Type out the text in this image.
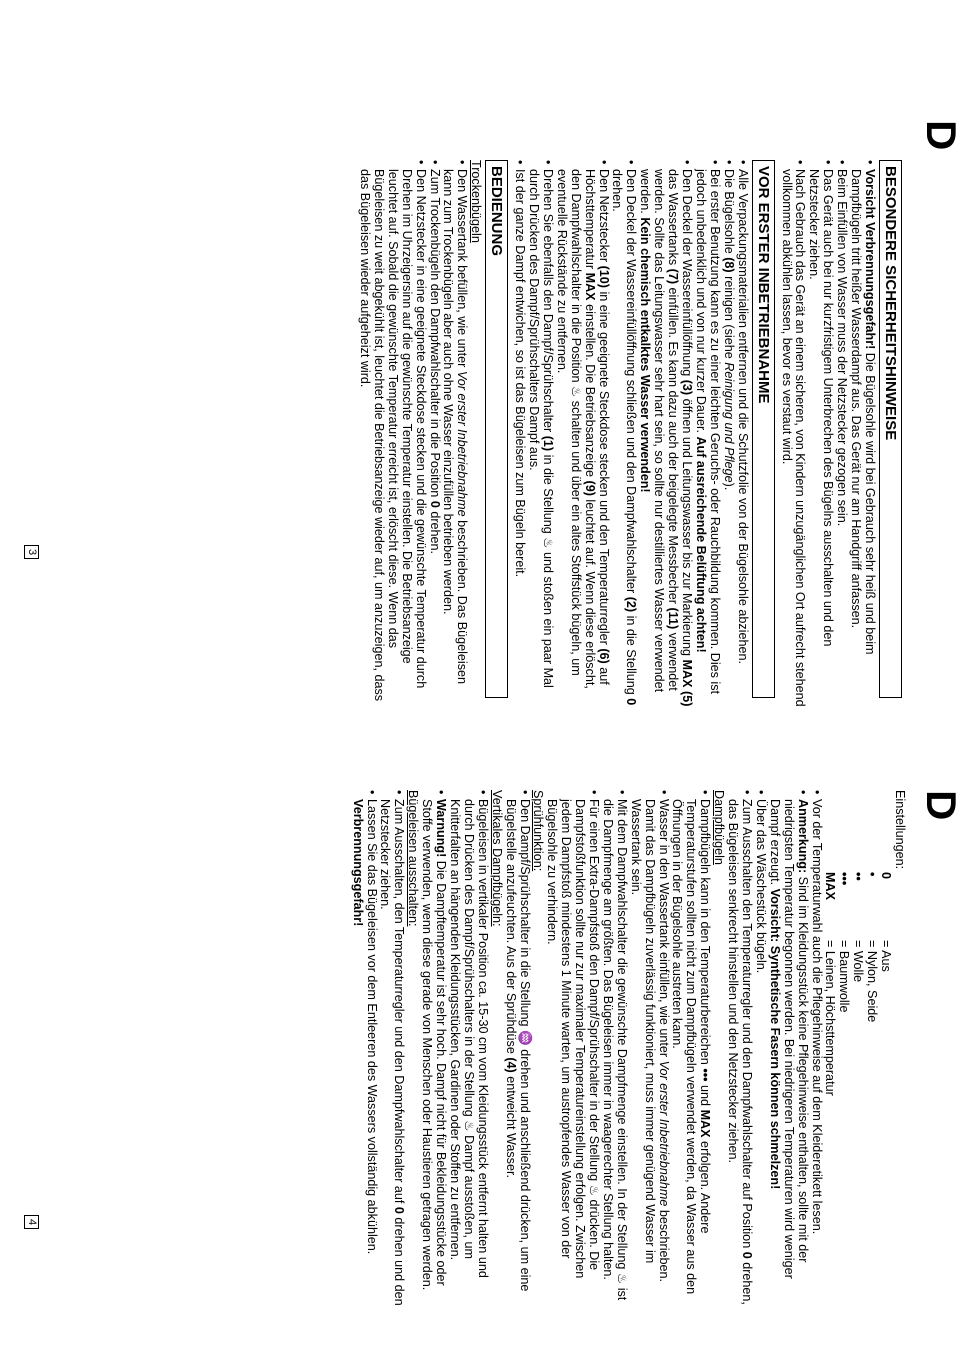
D
BESONDERE SICHERHEITSHINWEISE
• Vorsicht Verbrennungsgefahr! Die Bügelsohle wird bei Gebrauch sehr heiß und beim Dampfbügeln tritt heißer Wasserdampf aus. Das Gerät nur am Handgriff anfassen.
• Beim Einfüllen von Wasser muss der Netzstecker gezogen sein.
• Das Gerät auch bei nur kurzfristigem Unterbrechen des Bügelns ausschalten und den Netzstecker ziehen.
• Nach Gebrauch das Gerät an einem sicheren, von Kindern unzugänglichen Ort aufrecht stehend vollkommen abkühlen lassen, bevor es verstaut wird.
VOR ERSTER INBETRIEBNAHME
• Alle Verpackungsmaterialien entfernen und die Schutzfolie von der Bügelsohle abziehen.
• Die Bügelsohle (8) reinigen (siehe Reinigung und Pflege).
• Bei erster Benutzung kann es zu einer leichten Geruchs- oder Rauchbildung kommen. Dies ist jedoch unbedenklich und von nur kurzer Dauer. Auf ausreichende Belüftung achten!
• Den Deckel der Wassereinfüllöffnung (3) öffnen und Leitungswasser bis zur Markierung MAX (5) das Wassertanks (7) einfüllen. Es kann dazu auch der beigelegte Messbecher (11) verwendet werden. Sollte das Leitungswasser sehr hart sein, so sollte nur destilliertes Wasser verwendet werden. Kein chemisch entkalktes Wasser verwenden!
• Den Deckel der Wassereinfüllöffnung schließen und den Dampfwahlschalter (2) in die Stellung 0 drehen.
• Den Netzstecker (10) in eine geeignete Steckdose stecken und den Temperaturregler (6) auf Höchsttemperatur MAX einstellen. Die Betriebsanzeige (9) leuchtet auf. Wenn diese erlöscht, den Dampfwahlschalter in die Position ♨ schalten und über ein altes Stoffstück bügeln, um eventuelle Rückstände zu entfernen.
• Drehen Sie ebenfalls den Dampf/Sprühschalter (1) in die Stellung ♨ und stoßen ein paar Mal durch Drücken des Dampf/Sprühschalters Dampf aus.
• Ist der ganze Dampf entwichen, so ist das Bügeleisen zum Bügeln bereit.
BEDIENUNG
Trockenbügeln
• Den Wassertank befüllen, wie unter Vor erster Inbetriebnahme beschrieben. Das Bügeleisen kann zum Trockenbügeln aber auch ohne Wasser einzufüllen betrieben werden.
• Zum Trockenbügeln den Dampfwahlschalter in die Position 0 drehen.
• Den Netzstecker in eine geeignete Steckdose stecken und die gewünschte Temperatur durch Drehen im Uhrzeigersinn auf die gewünschte Temperatur einstellen. Die Betriebsanzeige leuchtet auf. Sobald die gewünschte Temperatur erreicht ist, erlöscht diese. Wenn das Bügeleisen zu weit abgekühlt ist, leuchtet die Betriebsanzeige wieder auf, um anzuzeigen, dass das Bügeleisen wieder aufgeheizt wird.
3
D
Einstellungen:
0
= Aus
•
= Nylon, Seide
••
= Wolle
•••
= Baumwolle
MAX
= Leinen, Höchsttemperatur
• Vor der Temperaturwahl auch die Pflegehinweise auf dem Kleideretikett lesen.
• Anmerkung: Sind im Kleidungsstück keine Pflegehinweise enthalten, sollte mit der niedrigsten Temperatur begonnen werden. Bei niedrigeren Temperaturen wird weniger Dampf erzeugt. Vorsicht: Synthetische Fasern können schmelzen!
• Über das Wäschestück bügeln.
• Zum Ausschalten den Temperaturregler und den Dampfwahlschalter auf Position 0 drehen, das Bügeleisen senkrecht hinstellen und den Netzstecker ziehen.
Dampfbügeln
• Dampfbügeln kann in den Temperaturbereichen ••• und MAX erfolgen. Andere Temperaturstufen sollten nicht zum Dampfbügeln verwendet werden, da Wasser aus den Öffnungen in der Bügelsohle austreten kann.
• Wasser in den Wassertank einfüllen, wie unter Vor erster Inbetriebnahme beschrieben. Damit das Dampfbügeln zuverlässig funktioniert, muss immer genügend Wasser im Wassertank sein.
• Mit dem Dampfwahlschalter die gewünschte Dampfmenge einstellen. In der Stellung ♨ ist die Dampfmenge am größten. Das Bügeleisen immer in waagerechter Stellung halten.
• Für einen Extra-Dampfstoß den Dampf/Sprühschalter in der Stellung ♨ drücken. Die Dampfstoßfunktion sollte nur zur maximaler Temperatureinstellung erfolgen. Zwischen jedem Dampfstoß mindestens 1 Minute warten, um austropfendes Wasser von der Bügelsohle zu verhindern.
Sprühfunktion:
• Den Dampf/Sprühschalter in die Stellung ♒ drehen und anschließend drücken, um eine Bügelstelle anzufeuchten. Aus der Sprühdüse (4) entweicht Wasser.
Vertikales Dampfbügeln:
• Bügeleisen in vertikaler Position ca. 15-30 cm vom Kleidungsstück entfernt halten und durch Drücken des Dampf/Sprühschalters in der Stellung ♨ Dampf ausstoßen, um Knitterfalten an hängenden Kleidungsstücken, Gardinen oder Stoffen zu entfernen.
• Warnung! Die Dampftemperatur ist sehr hoch. Dampf nicht für Bekleidungsstücke oder Stoffe verwenden, wenn diese gerade von Menschen oder Haustieren getragen werden.
Bügeleisen ausschalten:
• Zum Ausschalten, den Temperaturregler und den Dampfwahlschalter auf 0 drehen und den Netzstecker ziehen.
• Lassen Sie das Bügeleisen vor dem Entleeren des Wassers vollständig abkühlen. Verbrennungsgefahr!
4
